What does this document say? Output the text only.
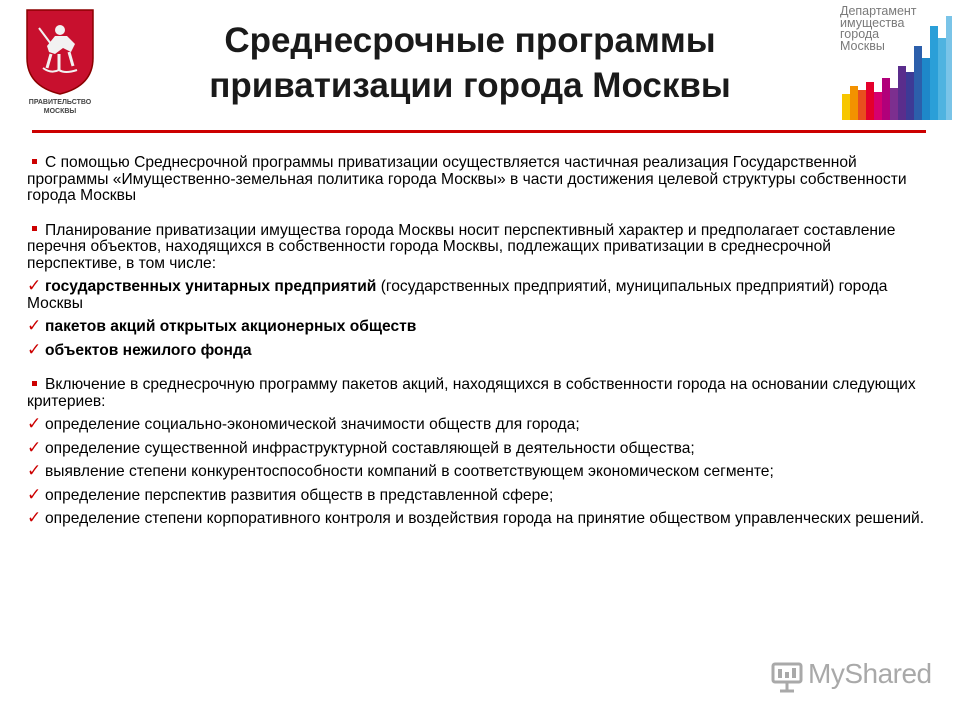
ПРАВИТЕЛЬСТВО
МОСКВЫ
Среднесрочные программы
приватизации города Москвы
Департамент
имущества
города
Москвы
С помощью Среднесрочной программы приватизации осуществляется частичная реализация Государственной программы «Имущественно-земельная политика города Москвы» в части достижения целевой структуры собственности города Москвы
Планирование приватизации имущества города Москвы носит перспективный характер и предполагает составление перечня объектов, находящихся в собственности города Москвы, подлежащих приватизации в среднесрочной перспективе, в том числе:
✓ государственных унитарных предприятий (государственных предприятий, муниципальных предприятий) города Москвы
✓ пакетов акций открытых акционерных обществ
✓ объектов нежилого фонда
Включение в среднесрочную программу пакетов акций, находящихся в собственности города на основании следующих критериев:
✓ определение социально-экономической значимости обществ для города;
✓ определение существенной инфраструктурной составляющей в деятельности общества;
✓ выявление степени конкурентоспособности компаний в соответствующем экономическом сегменте;
✓ определение перспектив развития обществ в представленной сфере;
✓ определение степени корпоративного контроля и воздействия города на принятие обществом управленческих решений.
MyShared
